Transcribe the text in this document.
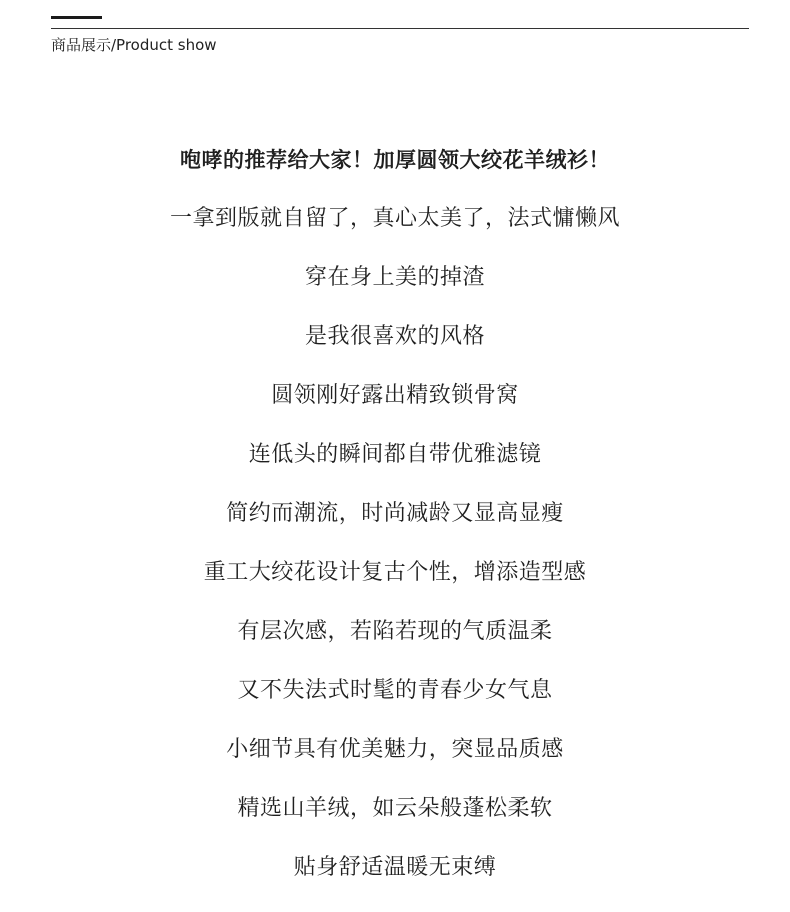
商品展示/Product show
咆哮的推荐给大家！加厚圆领大绞花羊绒衫！
一拿到版就自留了，真心太美了，法式慵懒风
穿在身上美的掉渣
是我很喜欢的风格
圆领刚好露出精致锁骨窝
连低头的瞬间都自带优雅滤镜
简约而潮流，时尚减龄又显高显瘦
重工大绞花设计复古个性，增添造型感
有层次感，若陷若现的气质温柔
又不失法式时髦的青春少女气息
小细节具有优美魅力，突显品质感
精选山羊绒，如云朵般蓬松柔软
贴身舒适温暖无束缚
